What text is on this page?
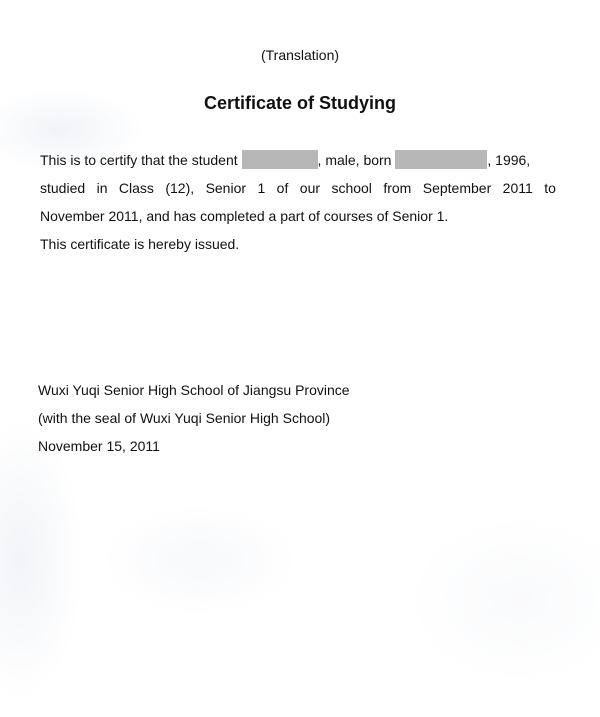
(Translation)
Certificate of Studying
This is to certify that the student	, male, born	, 1996,
studied in Class (12), Senior 1 of our school from September 2011 to
November 2011, and has completed a part of courses of Senior 1.
This certificate is hereby issued.
Wuxi Yuqi Senior High School of Jiangsu Province
(with the seal of Wuxi Yuqi Senior High School)
November 15, 2011
